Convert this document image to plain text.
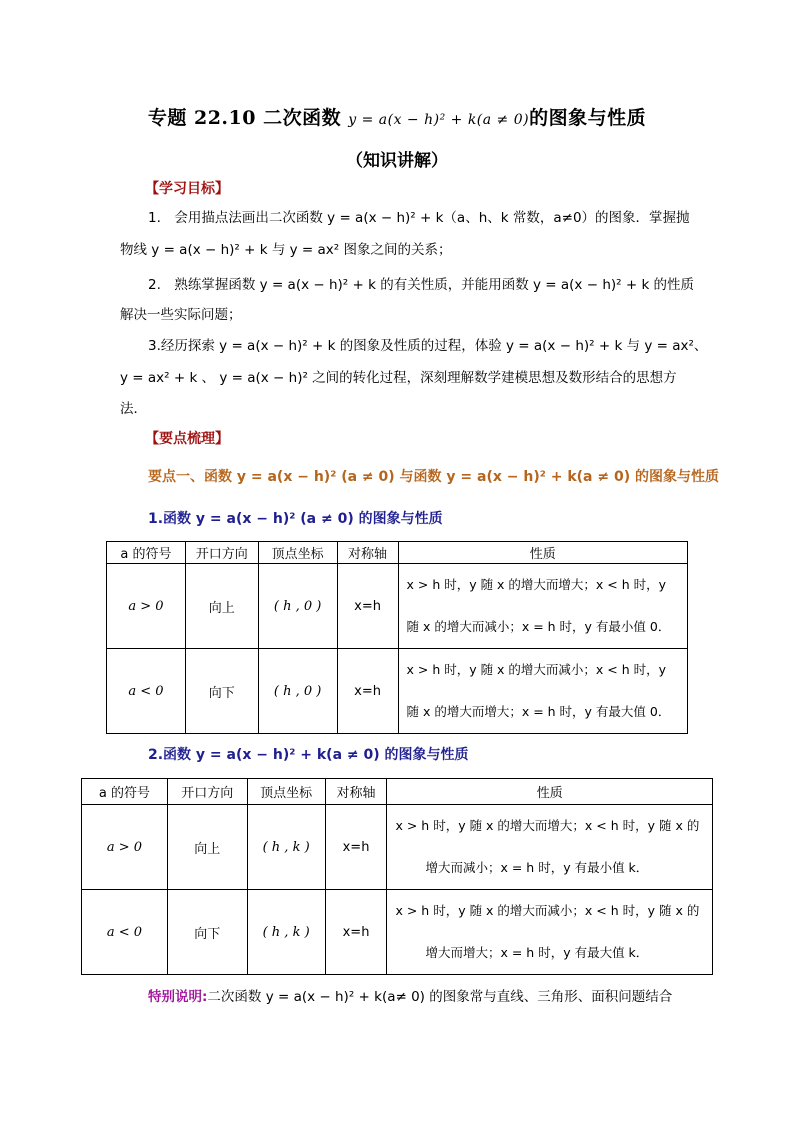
专题 22.10 二次函数 y = a(x − h)² + k(a ≠ 0)的图象与性质
（知识讲解）
【学习目标】
1.　会用描点法画出二次函数 y = a(x − h)² + k（a、h、k 常数，a≠0）的图象．掌握抛
物线 y = a(x − h)² + k 与 y = ax² 图象之间的关系；
2.　熟练掌握函数 y = a(x − h)² + k 的有关性质，并能用函数 y = a(x − h)² + k 的性质
解决一些实际问题；
3.经历探索 y = a(x − h)² + k 的图象及性质的过程，体验 y = a(x − h)² + k 与 y = ax²、
y = ax² + k 、 y = a(x − h)² 之间的转化过程，深刻理解数学建模思想及数形结合的思想方
法．
【要点梳理】
要点一、函数 y = a(x − h)² (a ≠ 0) 与函数 y = a(x − h)² + k(a ≠ 0) 的图象与性质
1.函数 y = a(x − h)² (a ≠ 0) 的图象与性质
a 的符号	开口方向	顶点坐标	对称轴	性质
a > 0	向上	( h , 0 )	x=h	x > h 时，y 随 x 的增大而增大；x < h 时，y
随 x 的增大而减小；x = h 时，y 有最小值 0．

a < 0	向下	( h , 0 )	x=h	x > h 时，y 随 x 的增大而减小；x < h 时，y
随 x 的增大而增大；x = h 时，y 有最大值 0．
2.函数 y = a(x − h)² + k(a ≠ 0) 的图象与性质
a 的符号	开口方向	顶点坐标	对称轴	性质
a > 0	向上	( h , k )	x=h	x > h 时，y 随 x 的增大而增大；x < h 时，y 随 x 的
增大而减小；x = h 时，y 有最小值 k．

a < 0	向下	( h , k )	x=h	x > h 时，y 随 x 的增大而减小；x < h 时，y 随 x 的
增大而增大；x = h 时，y 有最大值 k．
特别说明:二次函数 y = a(x − h)² + k(a≠ 0) 的图象常与直线、三角形、面积问题结合
